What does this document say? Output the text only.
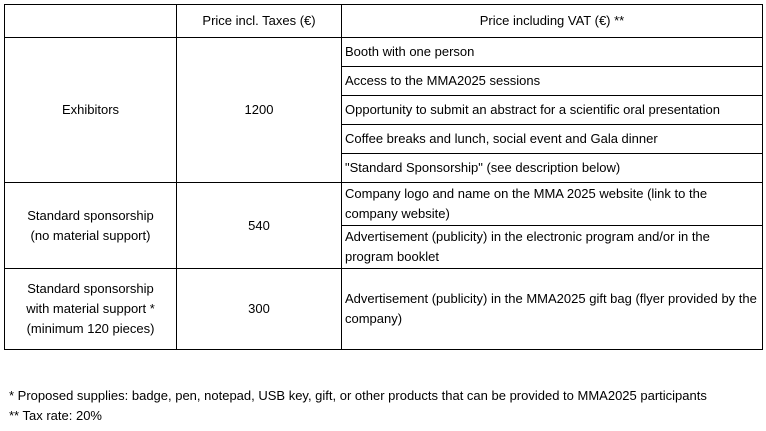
	Price incl. Taxes (€)	Price including VAT (€) **

Exhibitors	1200	Booth with one person
		Access to the MMA2025 sessions
		Opportunity to submit an abstract for a scientific oral presentation
		Coffee breaks and lunch, social event and Gala dinner
		"Standard Sponsorship" (see description below)

Standard sponsorship
(no material support)	540	Company logo and name on the MMA 2025 website (link to the company website)
		Advertisement (publicity) in the electronic program and/or in the program booklet

Standard sponsorship
with material support *
(minimum 120 pieces)	300	Advertisement (publicity) in the MMA2025 gift bag (flyer provided by the company)
* Proposed supplies: badge, pen, notepad, USB key, gift, or other products that can be provided to MMA2025 participants
** Tax rate: 20%
